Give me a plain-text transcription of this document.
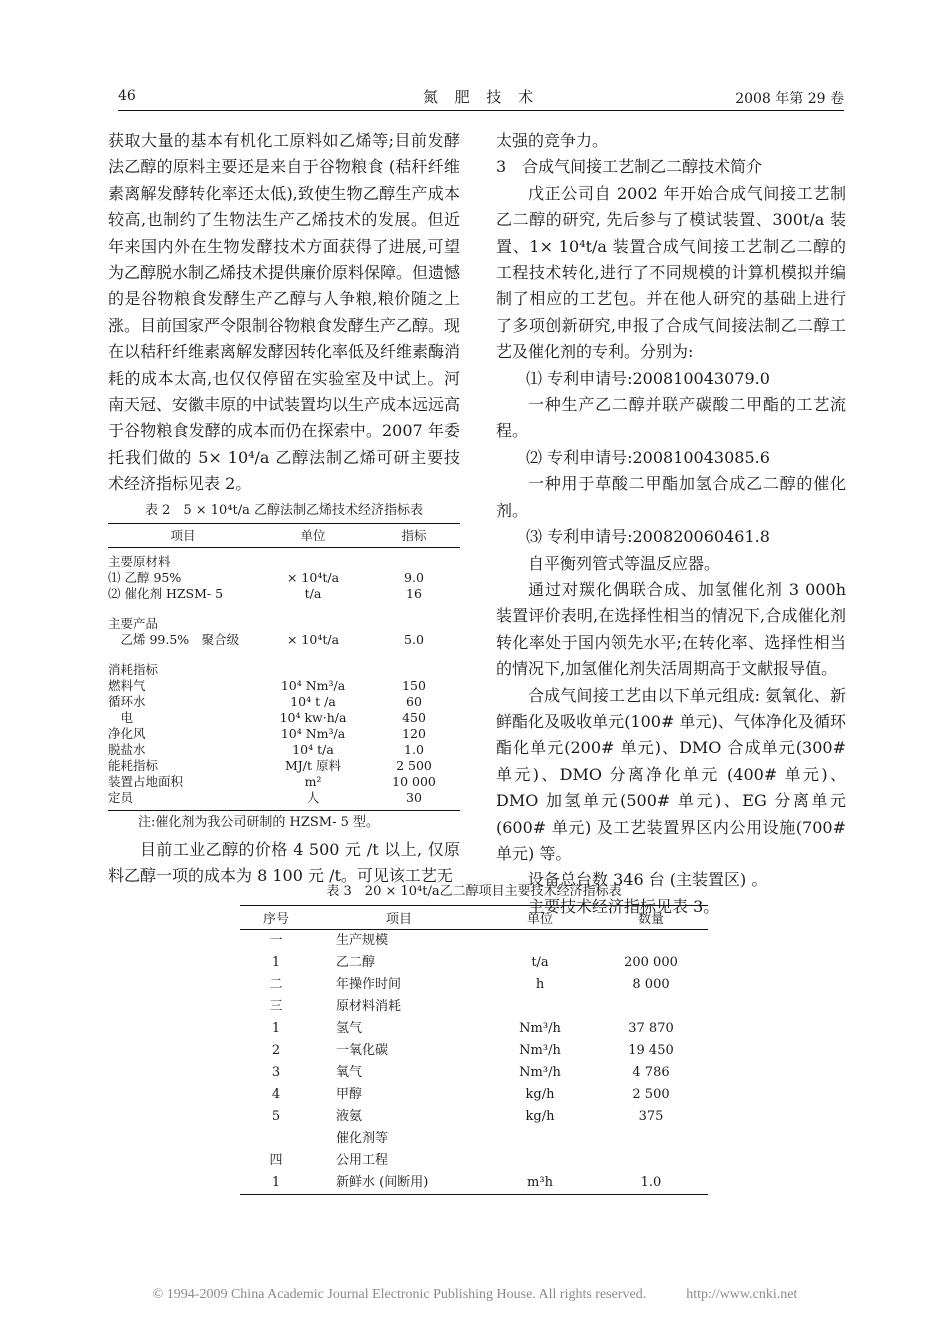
46	氮 肥 技 术	2008 年第 29 卷

获取大量的基本有机化工原料如乙烯等;目前发酵法乙醇的原料主要还是来自于谷物粮食 (秸秆纤维素离解发酵转化率还太低),致使生物乙醇生产成本较高,也制约了生物法生产乙烯技术的发展。但近年来国内外在生物发酵技术方面获得了进展,可望为乙醇脱水制乙烯技术提供廉价原料保障。但遗憾的是谷物粮食发酵生产乙醇与人争粮,粮价随之上涨。目前国家严令限制谷物粮食发酵生产乙醇。现在以秸秆纤维素离解发酵因转化率低及纤维素酶消耗的成本太高,也仅仅停留在实验室及中试上。河南天冠、安徽丰原的中试装置均以生产成本远远高于谷物粮食发酵的成本而仍在探索中。2007 年委托我们做的 5× 10⁴/a 乙醇法制乙烯可研主要技术经济指标见表 2。

表 2　5 × 10⁴t/a 乙醇法制乙烯技术经济指标表
项目	单位	指标
主要原材料		
⑴ 乙醇 95%	× 10⁴t/a	9.0
⑵ 催化剂 HZSM- 5	t/a	16
主要产品		
　乙烯 99.5%　聚合级	× 10⁴t/a	5.0
消耗指标		
燃料气	10⁴ Nm³/a	150
循环水	10⁴ t /a	60
　电	10⁴ kw·h/a	450
净化风	10⁴ Nm³/a	120
脱盐水	10⁴ t/a	1.0
能耗指标	MJ/t 原料	2 500
装置占地面积	m²	10 000
定员	人	30
注:催化剂为我公司研制的 HZSM- 5 型。

目前工业乙醇的价格 4 500 元 /t 以上, 仅原料乙醇一项的成本为 8 100 元 /t。可见该工艺无

太强的竞争力。

3　合成气间接工艺制乙二醇技术简介

戊正公司自 2002 年开始合成气间接工艺制乙二醇的研究, 先后参与了模试装置、300t/a 装置、1× 10⁴t/a 装置合成气间接工艺制乙二醇的工程技术转化,进行了不同规模的计算机模拟并编制了相应的工艺包。并在他人研究的基础上进行了多项创新研究,申报了合成气间接法制乙二醇工艺及催化剂的专利。分别为:

⑴ 专利申请号:200810043079.0

一种生产乙二醇并联产碳酸二甲酯的工艺流程。

⑵ 专利申请号:200810043085.6

一种用于草酸二甲酯加氢合成乙二醇的催化剂。

⑶ 专利申请号:200820060461.8

自平衡列管式等温反应器。

通过对羰化偶联合成、加氢催化剂 3 000h 装置评价表明,在选择性相当的情况下,合成催化剂转化率处于国内领先水平;在转化率、选择性相当的情况下,加氢催化剂失活周期高于文献报导值。

合成气间接工艺由以下单元组成: 氨氧化、新鲜酯化及吸收单元(100# 单元)、气体净化及循环酯化单元(200# 单元)、DMO 合成单元(300# 单元)、DMO 分离净化单元 (400# 单元)、DMO 加氢单元(500# 单元)、EG 分离单元(600# 单元) 及工艺装置界区内公用设施(700# 单元) 等。

设备总台数 346 台 (主装置区) 。

主要技术经济指标见表 3。

表 3　20 × 10⁴t/a乙二醇项目主要技术经济指标表
序号	项目	单位	数量
一	生产规模		
1	乙二醇	t/a	200 000
二	年操作时间	h	8 000
三	原材料消耗		
1	氢气	Nm³/h	37 870
2	一氧化碳	Nm³/h	19 450
3	氧气	Nm³/h	4 786
4	甲醇	kg/h	2 500
5	液氨	kg/h	375
	催化剂等		
四	公用工程		
1	新鲜水 (间断用)	m³h	1.0
© 1994-2009 China Academic Journal Electronic Publishing House. All rights reserved.	http://www.cnki.net
